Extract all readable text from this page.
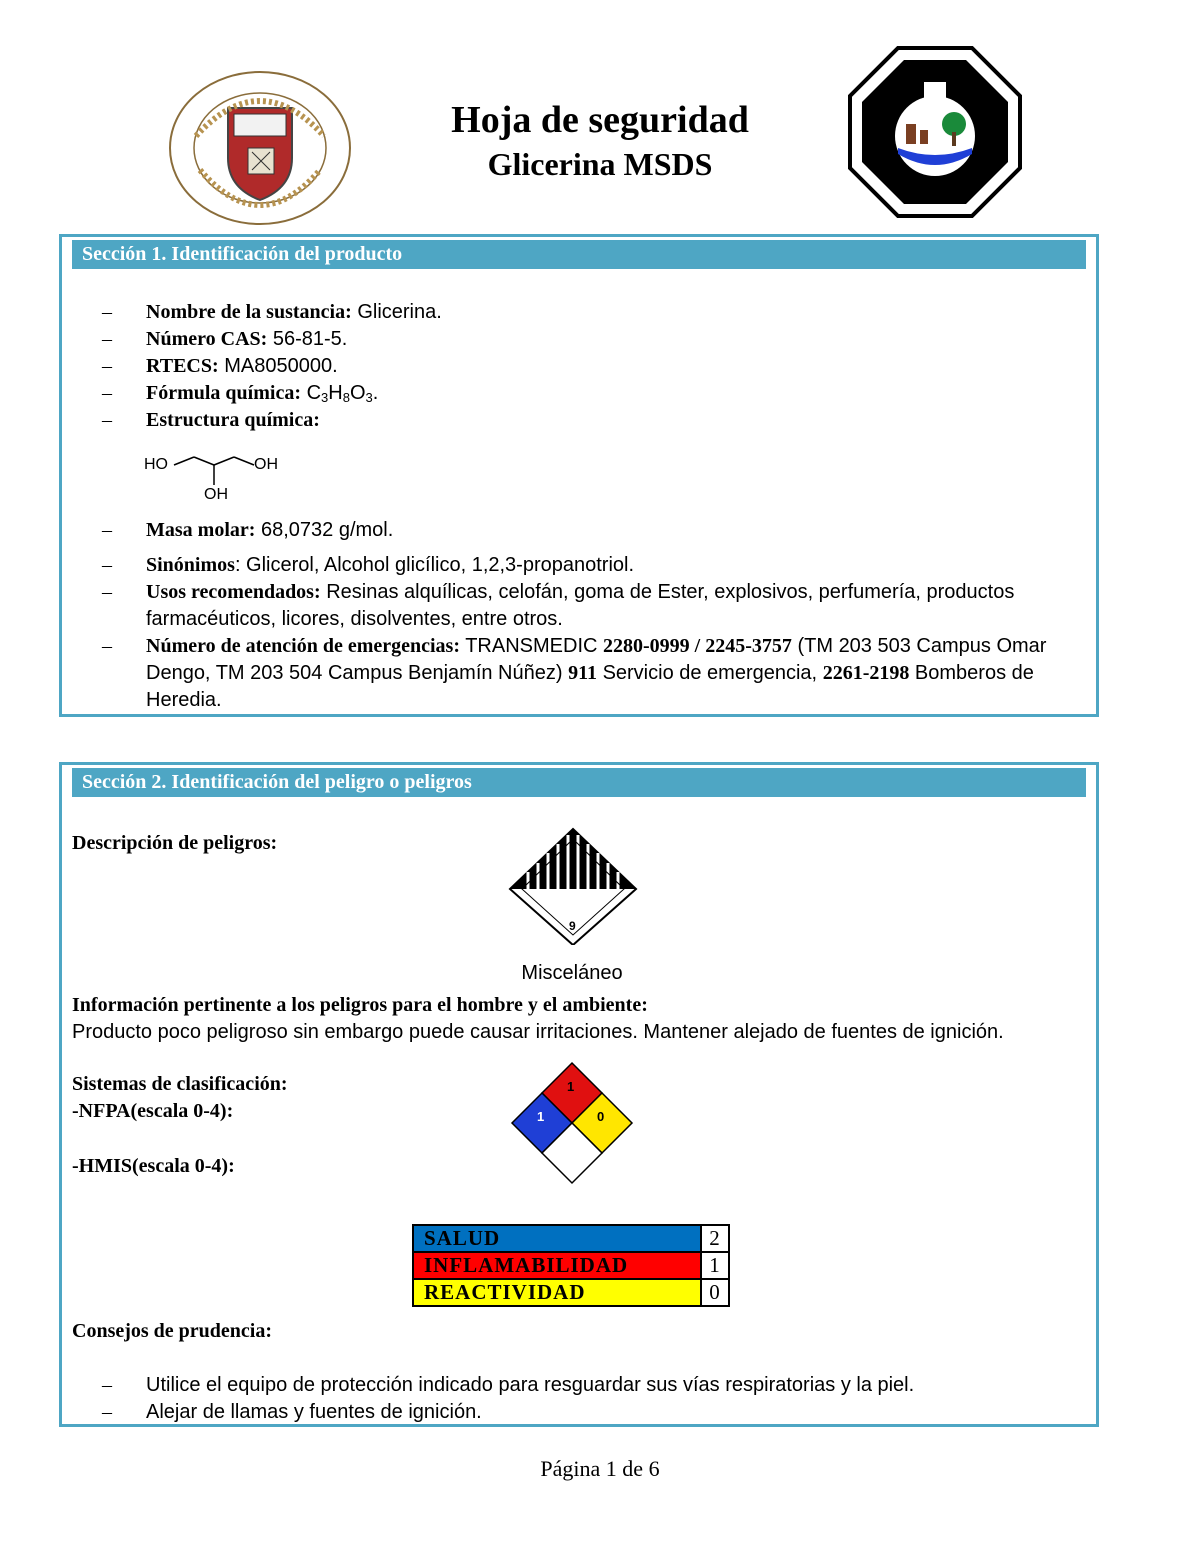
Hoja de seguridad
Glicerina MSDS
Sección 1. Identificación del producto
– Nombre de la sustancia: Glicerina.
– Número CAS: 56-81-5.
– RTECS: MA8050000.
– Fórmula química: $C_3H_8O_3$.
– Estructura química:
HO	OH
OH
– Masa molar: 68,0732 g/mol.
– Sinónimos: Glicerol, Alcohol glicílico, 1,2,3-propanotriol.
– Usos recomendados: Resinas alquílicas, celofán, goma de Ester, explosivos, perfumería, productos farmacéuticos, licores, disolventes, entre otros.
– Número de atención de emergencias: TRANSMEDIC 2280-0999 / 2245-3757 (TM 203 503 Campus Omar Dengo, TM 203 504 Campus Benjamín Núñez) 911 Servicio de emergencia, 2261-2198 Bomberos de Heredia.
Sección 2. Identificación del peligro o peligros
Descripción de peligros:
9
Misceláneo
Información pertinente a los peligros para el hombre y el ambiente:
Producto poco peligroso sin embargo puede causar irritaciones. Mantener alejado de fuentes de ignición.
Sistemas de clasificación:
-NFPA(escala 0-4):
-HMIS(escala 0-4):
1
1	0
SALUD	2
INFLAMABILIDAD	1
REACTIVIDAD	0
Consejos de prudencia:
– Utilice el equipo de protección indicado para resguardar sus vías respiratorias y la piel.
– Alejar de llamas y fuentes de ignición.
Página 1 de 6
